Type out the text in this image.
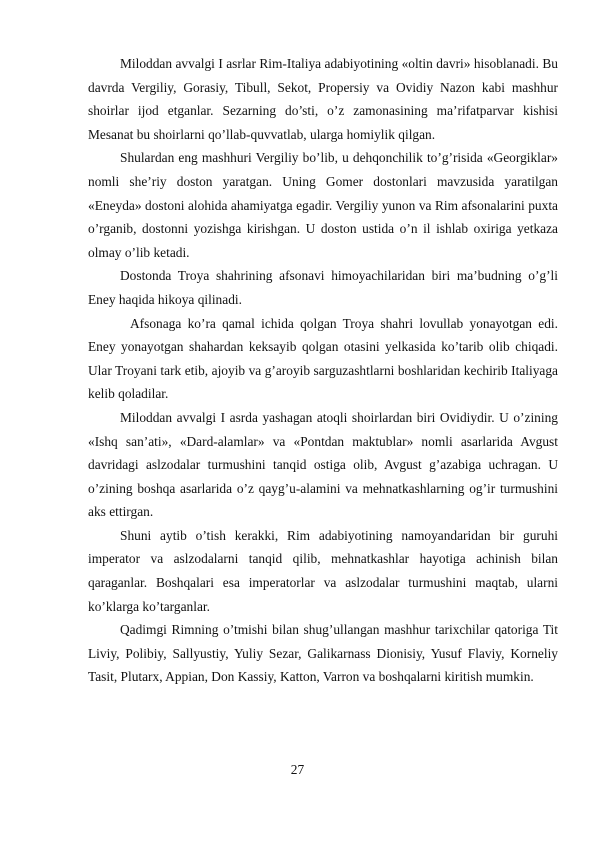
Miloddan avvalgi I asrlar Rim-Italiya adabiyotining «oltin davri» hisoblanadi. Bu davrda Vergiliy, Gorasiy, Tibull, Sekot, Propersiy va Ovidiy Nazon kabi mashhur shoirlar ijod etganlar. Sezarning do’sti, o’z zamonasining ma’rifatparvar kishisi Mesanat bu shoirlarni qo’llab-quvvatlab, ularga homiylik qilgan.

Shulardan eng mashhuri Vergiliy bo’lib, u dehqonchilik to’g’risida «Georgiklar» nomli she’riy doston yaratgan. Uning Gomer dostonlari mavzusida yaratilgan «Eneyda» dostoni alohida ahamiyatga egadir. Vergiliy yunon va Rim afsonalarini puxta o’rganib, dostonni yozishga kirishgan. U doston ustida o’n il ishlab oxiriga yetkaza olmay o’lib ketadi.

Dostonda Troya shahrining afsonavi himoyachilaridan biri ma’budning o’g’li Eney haqida hikoya qilinadi.

Afsonaga ko’ra qamal ichida qolgan Troya shahri lovullab yonayotgan edi. Eney yonayotgan shahardan keksayib qolgan otasini yelkasida ko’tarib olib chiqadi. Ular Troyani tark etib, ajoyib va g’aroyib sarguzashtlarni boshlaridan kechirib Italiyaga kelib qoladilar.

Miloddan avvalgi I asrda yashagan atoqli shoirlardan biri Ovidiydir. U o’zining «Ishq san’ati», «Dard-alamlar» va «Pontdan maktublar» nomli asarlarida Avgust davridagi aslzodalar turmushini tanqid ostiga olib, Avgust g’azabiga uchragan. U o’zining boshqa asarlarida o’z qayg’u-alamini va mehnatkashlarning og’ir turmushini aks ettirgan.

Shuni aytib o’tish kerakki, Rim adabiyotining namoyandaridan bir guruhi imperator va aslzodalarni tanqid qilib, mehnatkashlar hayotiga achinish bilan qaraganlar. Boshqalari esa imperatorlar va aslzodalar turmushini maqtab, ularni ko’klarga ko’targanlar.

Qadimgi Rimning o’tmishi bilan shug’ullangan mashhur tarixchilar qatoriga Tit Liviy, Polibiy, Sallyustiy, Yuliy Sezar, Galikarnass Dionisiy, Yusuf Flaviy, Korneliy Tasit, Plutarx, Appian, Don Kassiy, Katton, Varron va boshqalarni kiritish mumkin.

27
